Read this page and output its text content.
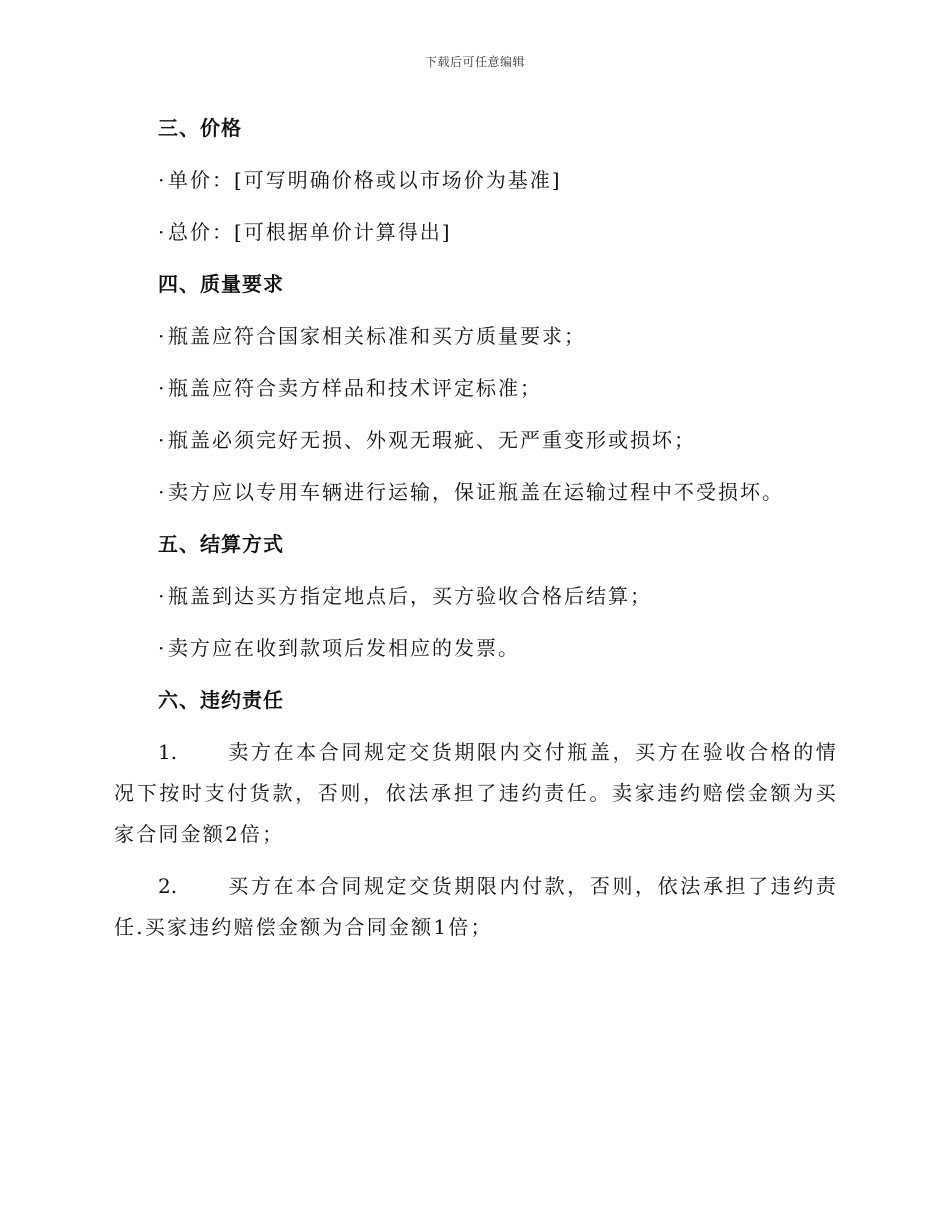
下载后可任意编辑
三、价格
· 单价：[可写明确价格或以市场价为基准]
· 总价：[可根据单价计算得出]
四、质量要求
· 瓶盖应符合国家相关标准和买方质量要求；
· 瓶盖应符合卖方样品和技术评定标准；
· 瓶盖必须完好无损、外观无瑕疵、无严重变形或损坏；
· 卖方应以专用车辆进行运输，保证瓶盖在运输过程中不受损坏。
五、结算方式
· 瓶盖到达买方指定地点后，买方验收合格后结算；
· 卖方应在收到款项后发相应的发票。
六、违约责任
1.	卖方在本合同规定交货期限内交付瓶盖，买方在验收合格的情况下按时支付货款，否则，依法承担了违约责任。卖家违约赔偿金额为买家合同金额2倍；
2.	买方在本合同规定交货期限内付款，否则，依法承担了违约责任.买家违约赔偿金额为合同金额1倍；
